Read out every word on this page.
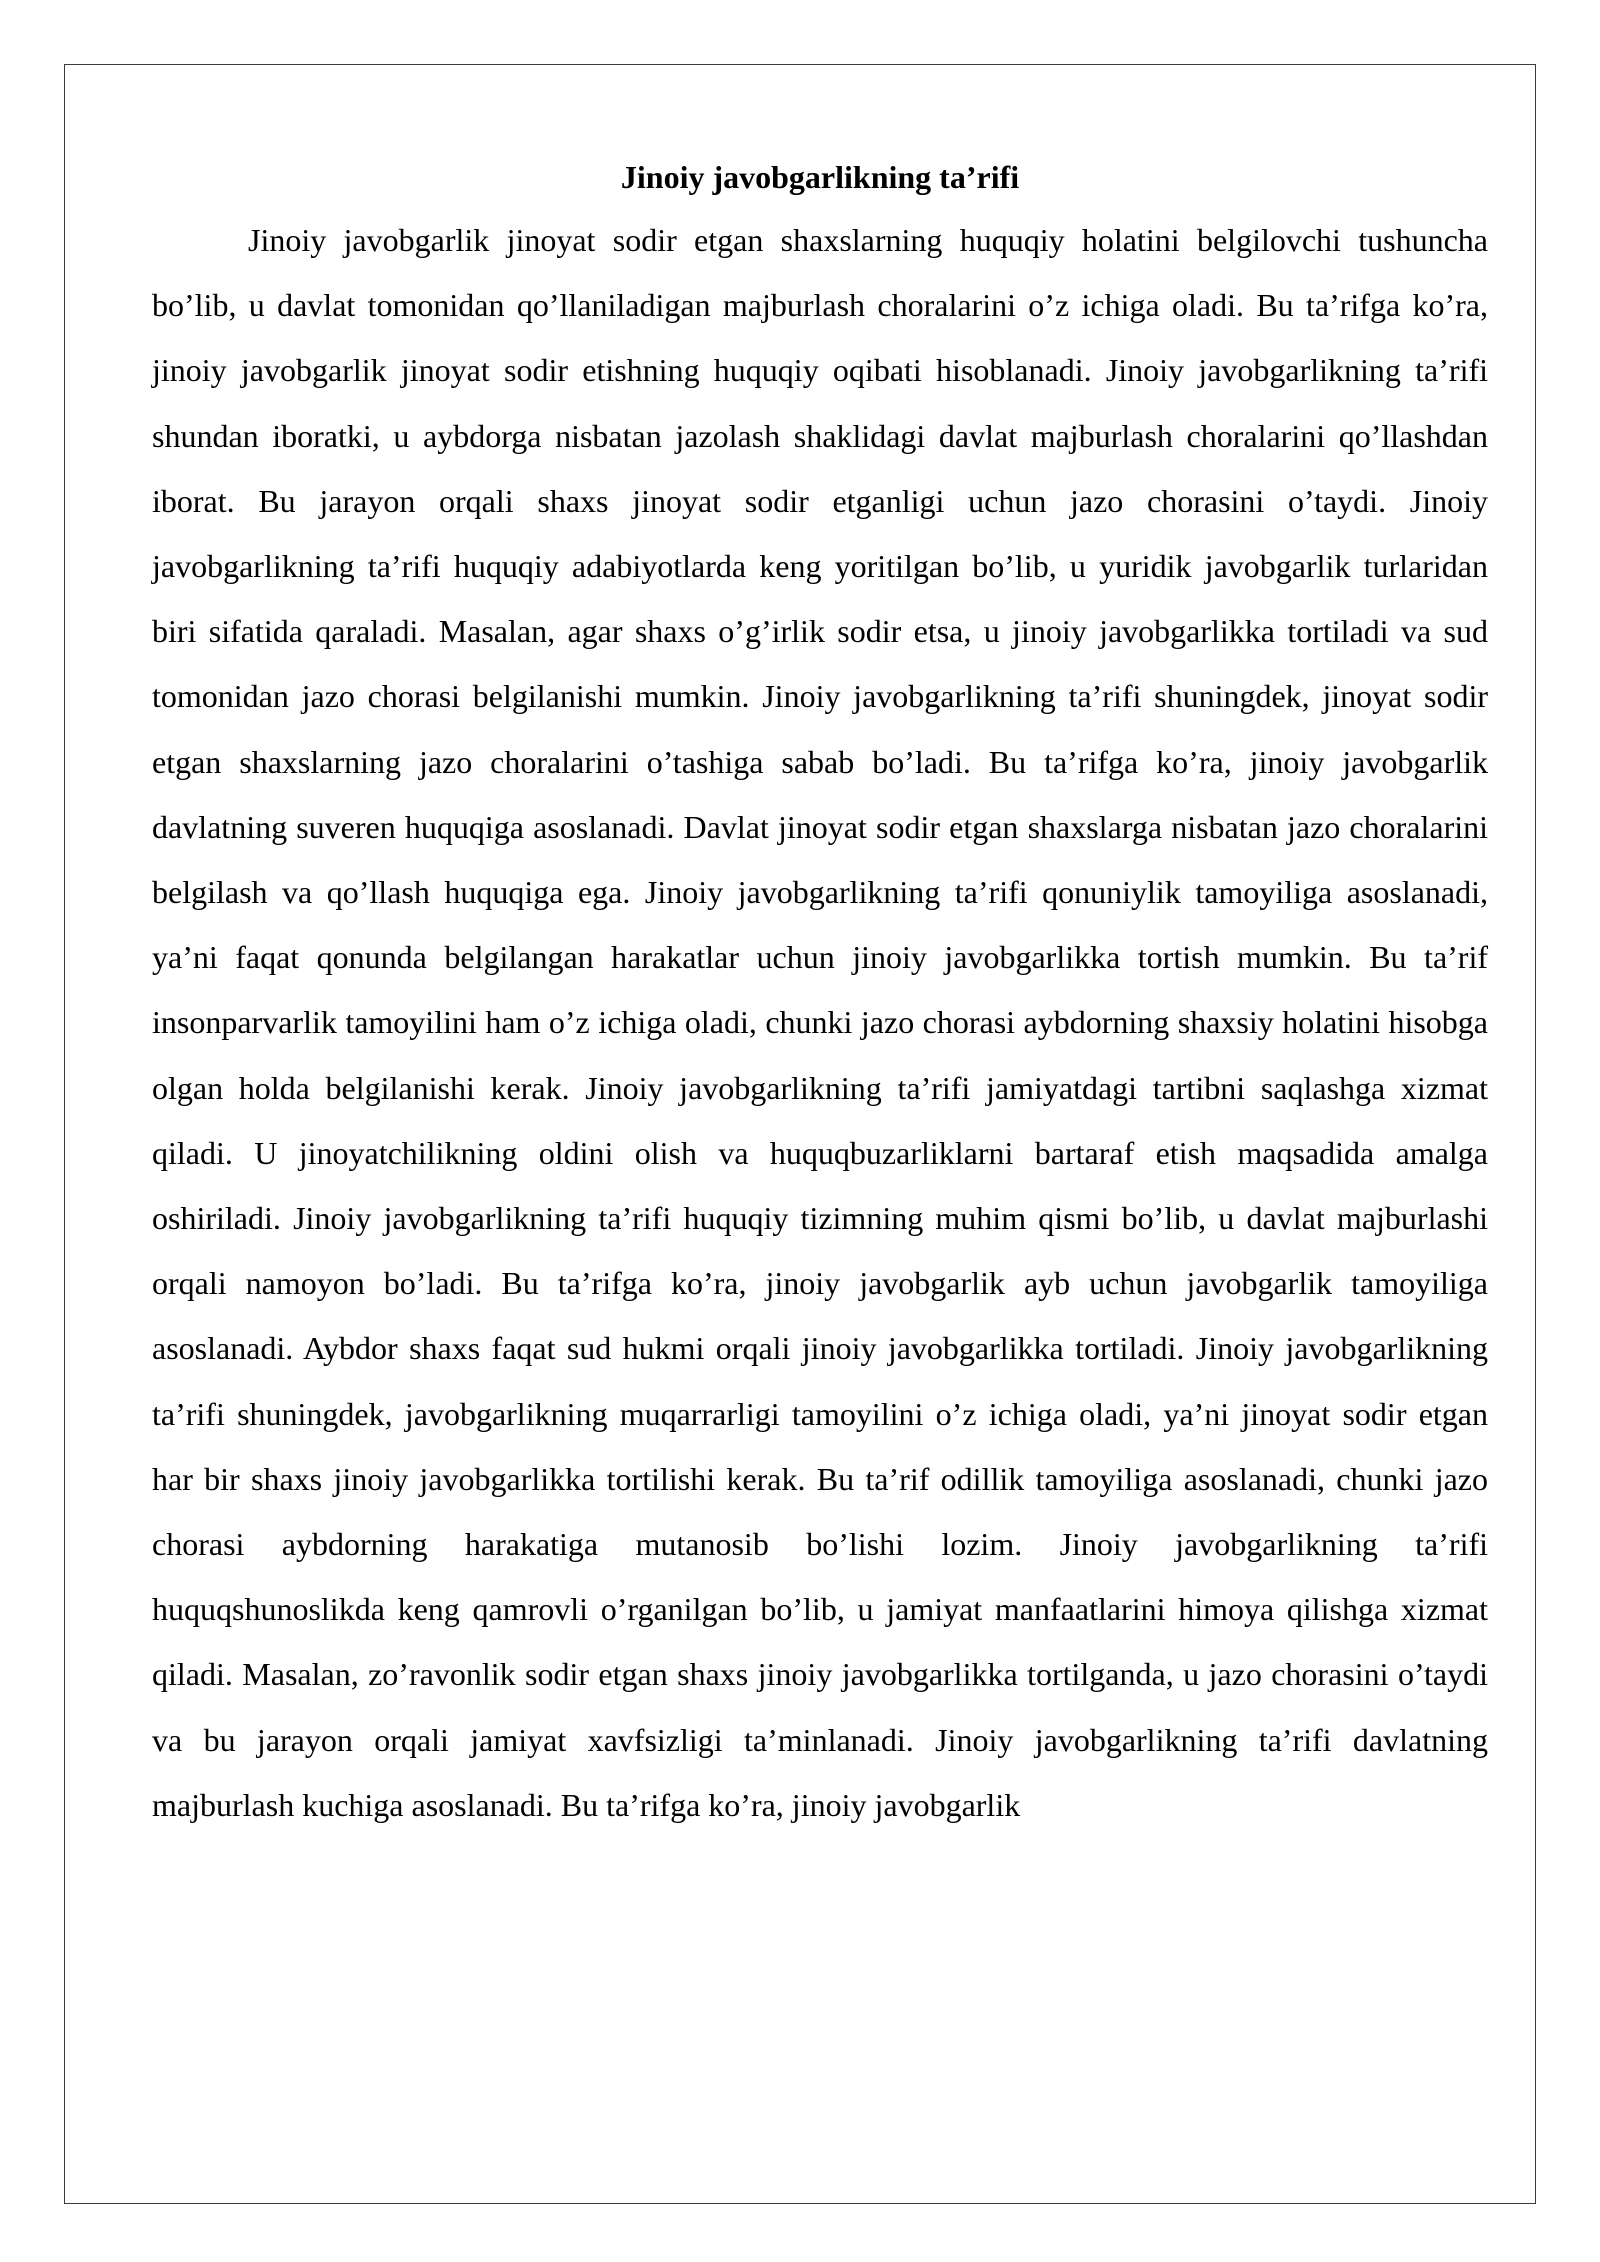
Jinoiy javobgarlikning ta’rifi

Jinoiy javobgarlik jinoyat sodir etgan shaxslarning huquqiy holatini belgilovchi tushuncha bo’lib, u davlat tomonidan qo’llaniladigan majburlash choralarini o’z ichiga oladi. Bu ta’rifga ko’ra, jinoiy javobgarlik jinoyat sodir etishning huquqiy oqibati hisoblanadi. Jinoiy javobgarlikning ta’rifi shundan iboratki, u aybdorga nisbatan jazolash shaklidagi davlat majburlash choralarini qo’llashdan iborat. Bu jarayon orqali shaxs jinoyat sodir etganligi uchun jazo chorasini o’taydi. Jinoiy javobgarlikning ta’rifi huquqiy adabiyotlarda keng yoritilgan bo’lib, u yuridik javobgarlik turlaridan biri sifatida qaraladi. Masalan, agar shaxs o’g’irlik sodir etsa, u jinoiy javobgarlikka tortiladi va sud tomonidan jazo chorasi belgilanishi mumkin. Jinoiy javobgarlikning ta’rifi shuningdek, jinoyat sodir etgan shaxslarning jazo choralarini o’tashiga sabab bo’ladi. Bu ta’rifga ko’ra, jinoiy javobgarlik davlatning suveren huquqiga asoslanadi. Davlat jinoyat sodir etgan shaxslarga nisbatan jazo choralarini belgilash va qo’llash huquqiga ega. Jinoiy javobgarlikning ta’rifi qonuniylik tamoyiliga asoslanadi, ya’ni faqat qonunda belgilangan harakatlar uchun jinoiy javobgarlikka tortish mumkin. Bu ta’rif insonparvarlik tamoyilini ham o’z ichiga oladi, chunki jazo chorasi aybdorning shaxsiy holatini hisobga olgan holda belgilanishi kerak. Jinoiy javobgarlikning ta’rifi jamiyatdagi tartibni saqlashga xizmat qiladi. U jinoyatchilikning oldini olish va huquqbuzarliklarni bartaraf etish maqsadida amalga oshiriladi. Jinoiy javobgarlikning ta’rifi huquqiy tizimning muhim qismi bo’lib, u davlat majburlashi orqali namoyon bo’ladi. Bu ta’rifga ko’ra, jinoiy javobgarlik ayb uchun javobgarlik tamoyiliga asoslanadi. Aybdor shaxs faqat sud hukmi orqali jinoiy javobgarlikka tortiladi. Jinoiy javobgarlikning ta’rifi shuningdek, javobgarlikning muqarrarligi tamoyilini o’z ichiga oladi, ya’ni jinoyat sodir etgan har bir shaxs jinoiy javobgarlikka tortilishi kerak. Bu ta’rif odillik tamoyiliga asoslanadi, chunki jazo chorasi aybdorning harakatiga mutanosib bo’lishi lozim. Jinoiy javobgarlikning ta’rifi huquqshunoslikda keng qamrovli o’rganilgan bo’lib, u jamiyat manfaatlarini himoya qilishga xizmat qiladi. Masalan, zo’ravonlik sodir etgan shaxs jinoiy javobgarlikka tortilganda, u jazo chorasini o’taydi va bu jarayon orqali jamiyat xavfsizligi ta’minlanadi. Jinoiy javobgarlikning ta’rifi davlatning majburlash kuchiga asoslanadi. Bu ta’rifga ko’ra, jinoiy javobgarlik
